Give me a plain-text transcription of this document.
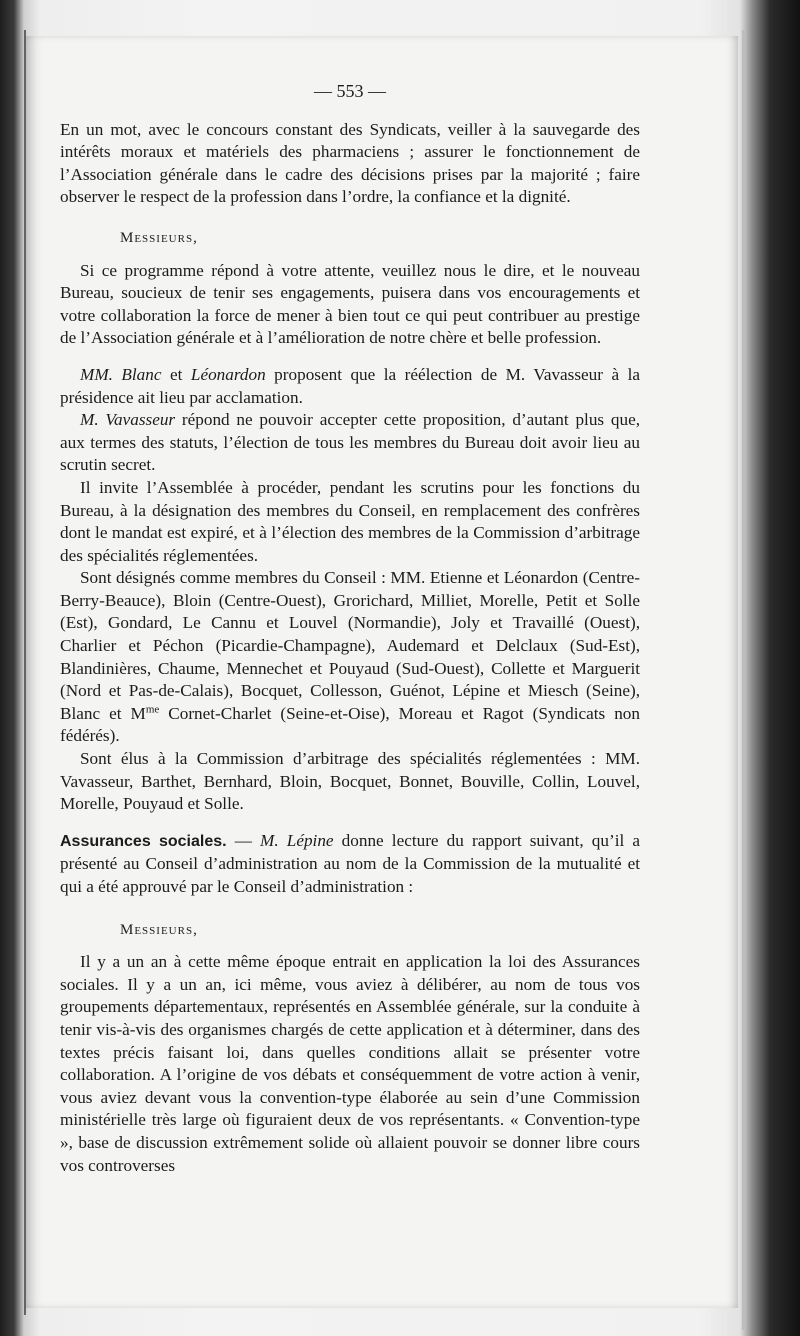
— 553 —

En un mot, avec le concours constant des Syndicats, veiller à la sauvegarde des intérêts moraux et matériels des pharmaciens ; assurer le fonctionnement de l’Association générale dans le cadre des décisions prises par la majorité ; faire observer le respect de la profession dans l’ordre, la confiance et la dignité.

Messieurs,

Si ce programme répond à votre attente, veuillez nous le dire, et le nouveau Bureau, soucieux de tenir ses engagements, puisera dans vos encouragements et votre collaboration la force de mener à bien tout ce qui peut contribuer au prestige de l’Association générale et à l’amélioration de notre chère et belle profession.

MM. Blanc et Léonardon proposent que la réélection de M. Vavasseur à la présidence ait lieu par acclamation.

M. Vavasseur répond ne pouvoir accepter cette proposition, d’autant plus que, aux termes des statuts, l’élection de tous les membres du Bureau doit avoir lieu au scrutin secret.

Il invite l’Assemblée à procéder, pendant les scrutins pour les fonctions du Bureau, à la désignation des membres du Conseil, en remplacement des confrères dont le mandat est expiré, et à l’élection des membres de la Commission d’arbitrage des spécialités réglementées.

Sont désignés comme membres du Conseil : MM. Etienne et Léonardon (Centre-Berry-Beauce), Bloin (Centre-Ouest), Grorichard, Milliet, Morelle, Petit et Solle (Est), Gondard, Le Cannu et Louvel (Normandie), Joly et Travaillé (Ouest), Charlier et Péchon (Picardie-Champagne), Audemard et Delclaux (Sud-Est), Blandinières, Chaume, Mennechet et Pouyaud (Sud-Ouest), Collette et Marguerit (Nord et Pas-de-Calais), Bocquet, Collesson, Guénot, Lépine et Miesch (Seine), Blanc et $M^{me}$ Cornet-Charlet (Seine-et-Oise), Moreau et Ragot (Syndicats non fédérés).

Sont élus à la Commission d’arbitrage des spécialités réglementées : MM. Vavasseur, Barthet, Bernhard, Bloin, Bocquet, Bonnet, Bouville, Collin, Louvel, Morelle, Pouyaud et Solle.

Assurances sociales. — M. Lépine donne lecture du rapport suivant, qu’il a présenté au Conseil d’administration au nom de la Commission de la mutualité et qui a été approuvé par le Conseil d’administration :

Messieurs,

Il y a un an à cette même époque entrait en application la loi des Assurances sociales. Il y a un an, ici même, vous aviez à délibérer, au nom de tous vos groupements départementaux, représentés en Assemblée générale, sur la conduite à tenir vis-à-vis des organismes chargés de cette application et à déterminer, dans des textes précis faisant loi, dans quelles conditions allait se présenter votre collaboration. A l’origine de vos débats et conséquemment de votre action à venir, vous aviez devant vous la convention-type élaborée au sein d’une Commission ministérielle très large où figuraient deux de vos représentants. « Convention-type », base de discussion extrêmement solide où allaient pouvoir se donner libre cours vos controverses
